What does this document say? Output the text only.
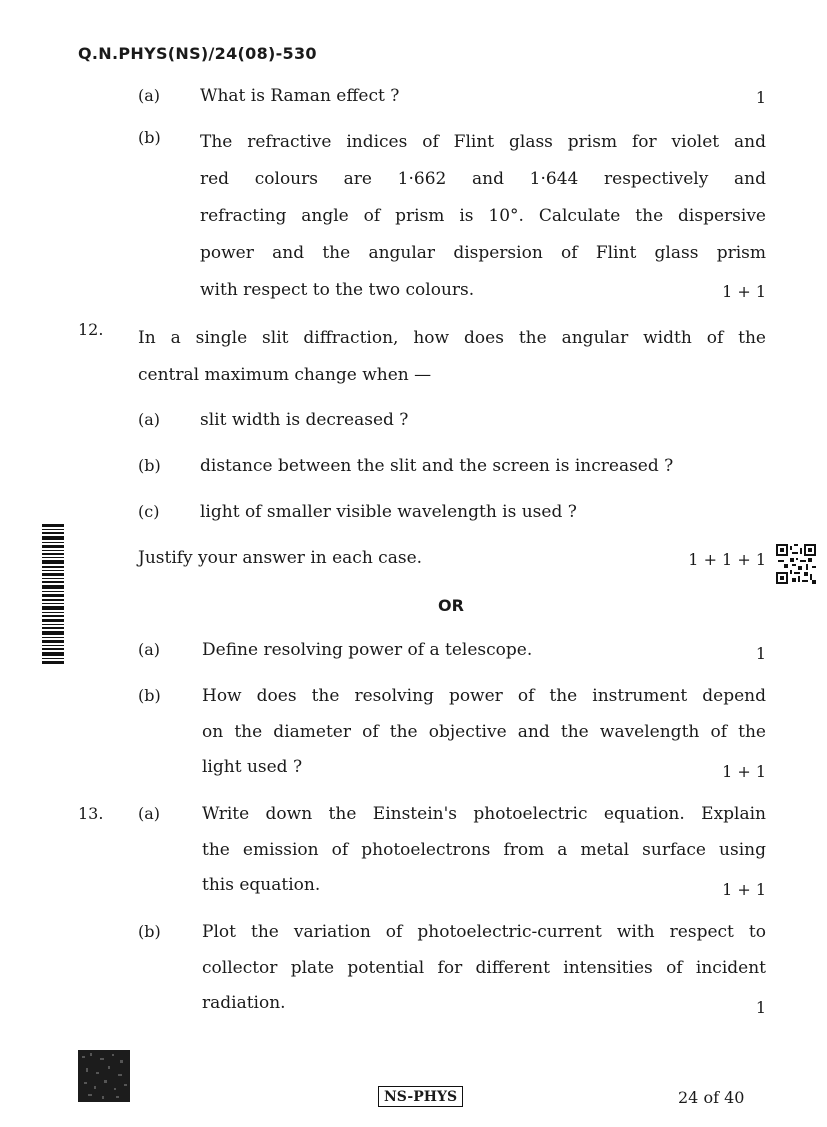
Q.N.PHYS(NS)/24(08)-530
(a) What is Raman effect ?	1
(b) The refractive indices of Flint glass prism for violet and
red colours are 1·662 and 1·644 respectively and
refracting angle of prism is 10°. Calculate the dispersive
power and the angular dispersion of Flint glass prism
with respect to the two colours.	1 + 1
12. In a single slit diffraction, how does the angular width of the
central maximum change when —
(a) slit width is decreased ?
(b) distance between the slit and the screen is increased ?
(c) light of smaller visible wavelength is used ?
Justify your answer in each case.	1 + 1 + 1
OR
(a) Define resolving power of a telescope.	1
(b) How does the resolving power of the instrument depend
on the diameter of the objective and the wavelength of the
light used ?	1 + 1
13. (a) Write down the Einstein's photoelectric equation. Explain
the emission of photoelectrons from a metal surface using
this equation.	1 + 1
(b) Plot the variation of photoelectric-current with respect to
collector plate potential for different intensities of incident
radiation.	1
NS-PHYS	24 of 40
